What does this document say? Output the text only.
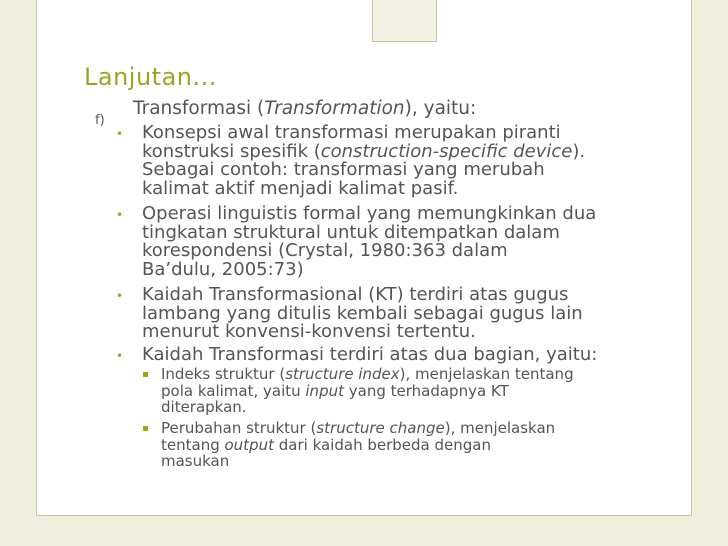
Lanjutan...
f)
Transformasi (Transformation), yaitu:
• Konsepsi awal transformasi merupakan piranti
konstruksi spesifik (construction-specific device).
Sebagai contoh: transformasi yang merubah
kalimat aktif menjadi kalimat pasif.
• Operasi linguistis formal yang memungkinkan dua
tingkatan struktural untuk ditempatkan dalam
korespondensi (Crystal, 1980:363 dalam
Ba’dulu, 2005:73)
• Kaidah Transformasional (KT) terdiri atas gugus
lambang yang ditulis kembali sebagai gugus lain
menurut konvensi-konvensi tertentu.
• Kaidah Transformasi terdiri atas dua bagian, yaitu:
Indeks struktur (structure index), menjelaskan tentang
pola kalimat, yaitu input yang terhadapnya KT
diterapkan.
Perubahan struktur (structure change), menjelaskan
tentang output dari kaidah berbeda dengan
masukan
